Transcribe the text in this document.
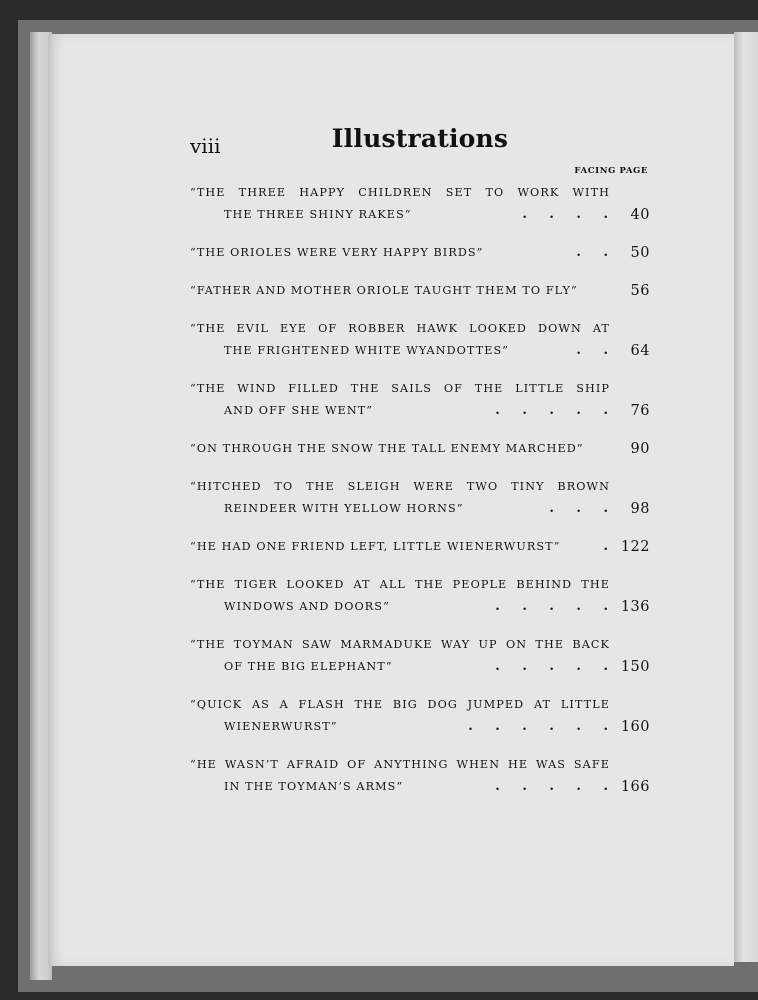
viii	Illustrations
FACING PAGE
“THE THREE HAPPY CHILDREN SET TO WORK WITH
THE THREE SHINY RAKES”	. . . . 40
“THE ORIOLES WERE VERY HAPPY BIRDS”	. . 50
“FATHER AND MOTHER ORIOLE TAUGHT THEM TO FLY”	56
“THE EVIL EYE OF ROBBER HAWK LOOKED DOWN AT
THE FRIGHTENED WHITE WYANDOTTES”	. . 64
“THE WIND FILLED THE SAILS OF THE LITTLE SHIP
AND OFF SHE WENT”	. . . . . 76
“ON THROUGH THE SNOW THE TALL ENEMY MARCHED”	90
“HITCHED TO THE SLEIGH WERE TWO TINY BROWN
REINDEER WITH YELLOW HORNS”	. . . 98
“HE HAD ONE FRIEND LEFT, LITTLE WIENERWURST”	. 122
“THE TIGER LOOKED AT ALL THE PEOPLE BEHIND THE
WINDOWS AND DOORS”	. . . . . 136
“THE TOYMAN SAW MARMADUKE WAY UP ON THE BACK
OF THE BIG ELEPHANT”	. . . . . 150
“QUICK AS A FLASH THE BIG DOG JUMPED AT LITTLE
WIENERWURST”	. . . . . . 160
“HE WASN’T AFRAID OF ANYTHING WHEN HE WAS SAFE
IN THE TOYMAN’S ARMS”	. . . . . 166
